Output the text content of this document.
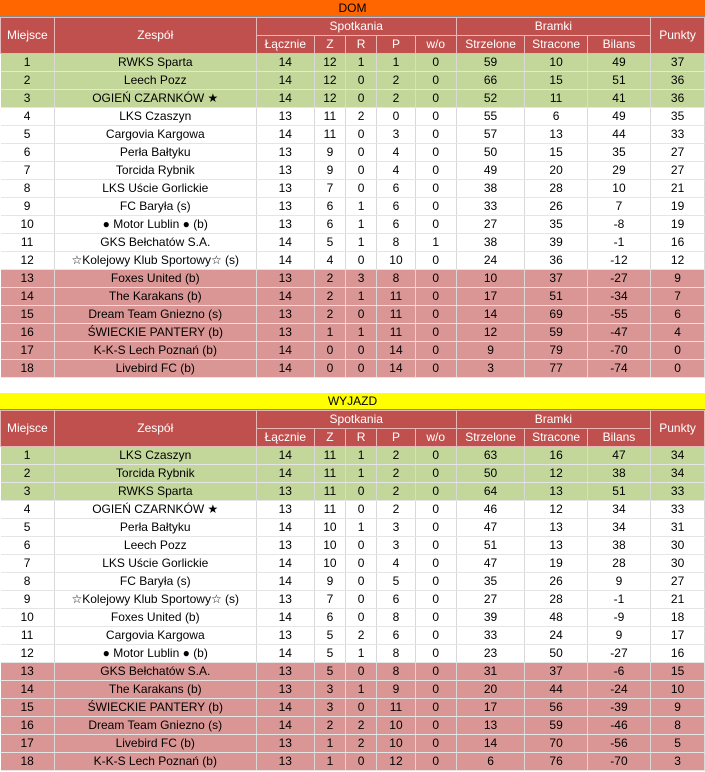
DOM
Miejsce	Zespół	Spotkania					Bramki			Punkty
		Łącznie	Z	R	P	w/o	Strzelone	Stracone	Bilans	
1	RWKS Sparta	14	12	1	1	0	59	10	49	37
2	Leech Pozz	14	12	0	2	0	66	15	51	36
3	OGIEŃ CZARNKÓW ★	14	12	0	2	0	52	11	41	36
4	LKS Czaszyn	13	11	2	0	0	55	6	49	35
5	Cargovia Kargowa	14	11	0	3	0	57	13	44	33
6	Perła Bałtyku	13	9	0	4	0	50	15	35	27
7	Torcida Rybnik	13	9	0	4	0	49	20	29	27
8	LKS Uście Gorlickie	13	7	0	6	0	38	28	10	21
9	FC Baryła (s)	13	6	1	6	0	33	26	7	19
10	● Motor Lublin ● (b)	13	6	1	6	0	27	35	-8	19
11	GKS Bełchatów S.A.	14	5	1	8	1	38	39	-1	16
12	☆Kolejowy Klub Sportowy☆ (s)	14	4	0	10	0	24	36	-12	12
13	Foxes United (b)	13	2	3	8	0	10	37	-27	9
14	The Karakans (b)	14	2	1	11	0	17	51	-34	7
15	Dream Team Gniezno (s)	13	2	0	11	0	14	69	-55	6
16	ŚWIECKIE PANTERY (b)	13	1	1	11	0	12	59	-47	4
17	K-K-S Lech Poznań (b)	14	0	0	14	0	9	79	-70	0
18	Livebird FC (b)	14	0	0	14	0	3	77	-74	0
WYJAZD
Miejsce	Zespół	Spotkania					Bramki			Punkty
		Łącznie	Z	R	P	w/o	Strzelone	Stracone	Bilans	
1	LKS Czaszyn	14	11	1	2	0	63	16	47	34
2	Torcida Rybnik	14	11	1	2	0	50	12	38	34
3	RWKS Sparta	13	11	0	2	0	64	13	51	33
4	OGIEŃ CZARNKÓW ★	13	11	0	2	0	46	12	34	33
5	Perła Bałtyku	14	10	1	3	0	47	13	34	31
6	Leech Pozz	13	10	0	3	0	51	13	38	30
7	LKS Uście Gorlickie	14	10	0	4	0	47	19	28	30
8	FC Baryła (s)	14	9	0	5	0	35	26	9	27
9	☆Kolejowy Klub Sportowy☆ (s)	13	7	0	6	0	27	28	-1	21
10	Foxes United (b)	14	6	0	8	0	39	48	-9	18
11	Cargovia Kargowa	13	5	2	6	0	33	24	9	17
12	● Motor Lublin ● (b)	14	5	1	8	0	23	50	-27	16
13	GKS Bełchatów S.A.	13	5	0	8	0	31	37	-6	15
14	The Karakans (b)	13	3	1	9	0	20	44	-24	10
15	ŚWIECKIE PANTERY (b)	14	3	0	11	0	17	56	-39	9
16	Dream Team Gniezno (s)	14	2	2	10	0	13	59	-46	8
17	Livebird FC (b)	13	1	2	10	0	14	70	-56	5
18	K-K-S Lech Poznań (b)	13	1	0	12	0	6	76	-70	3
